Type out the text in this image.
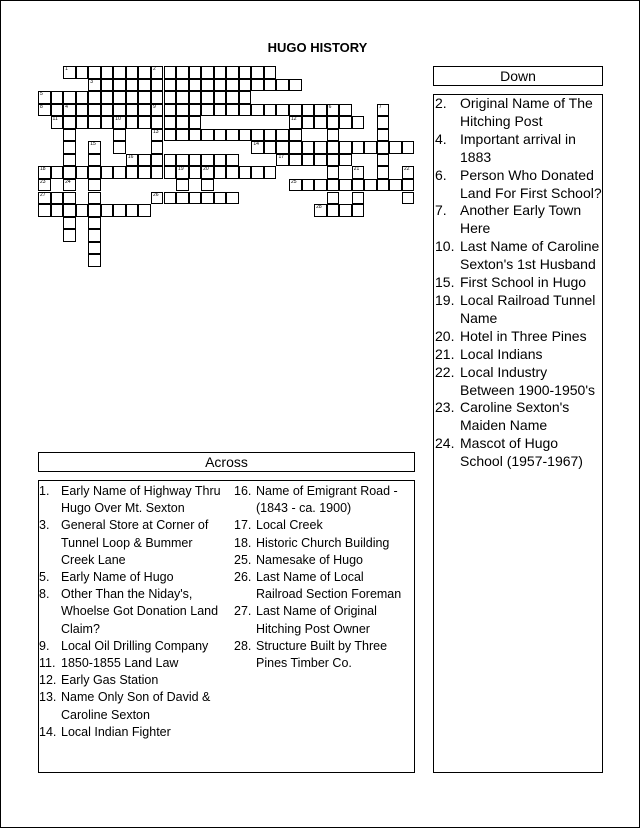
HUGO HISTORY
1	2
3
5
8	4	9	6
11	10	12
13
14
16
18	19	20
17
25
26
27
28
24
7
15
23
21	22
Across
1. Early Name of Highway Thru Hugo Over Mt. Sexton
3. General Store at Corner of Tunnel Loop & Bummer Creek Lane
5. Early Name of Hugo
8. Other Than the Niday's, Whoelse Got Donation Land Claim?
9. Local Oil Drilling Company
11. 1850-1855 Land Law
12. Early Gas Station
13. Name Only Son of David & Caroline Sexton
14. Local Indian Fighter
16. Name of Emigrant Road -(1843 - ca. 1900)
17. Local Creek
18. Historic Church Building
25. Namesake of Hugo
26. Last Name of Local Railroad Section Foreman
27. Last Name of Original Hitching Post Owner
28. Structure Built by Three Pines Timber Co.
Down
2. Original Name of The Hitching Post
4. Important arrival in 1883
6. Person Who Donated Land For First School?
7. Another Early Town Here
10. Last Name of Caroline Sexton's 1st Husband
15. First School in Hugo
19. Local Railroad Tunnel Name
20. Hotel in Three Pines
21. Local Indians
22. Local Industry Between 1900-1950's
23. Caroline Sexton's Maiden Name
24. Mascot of Hugo School (1957-1967)
